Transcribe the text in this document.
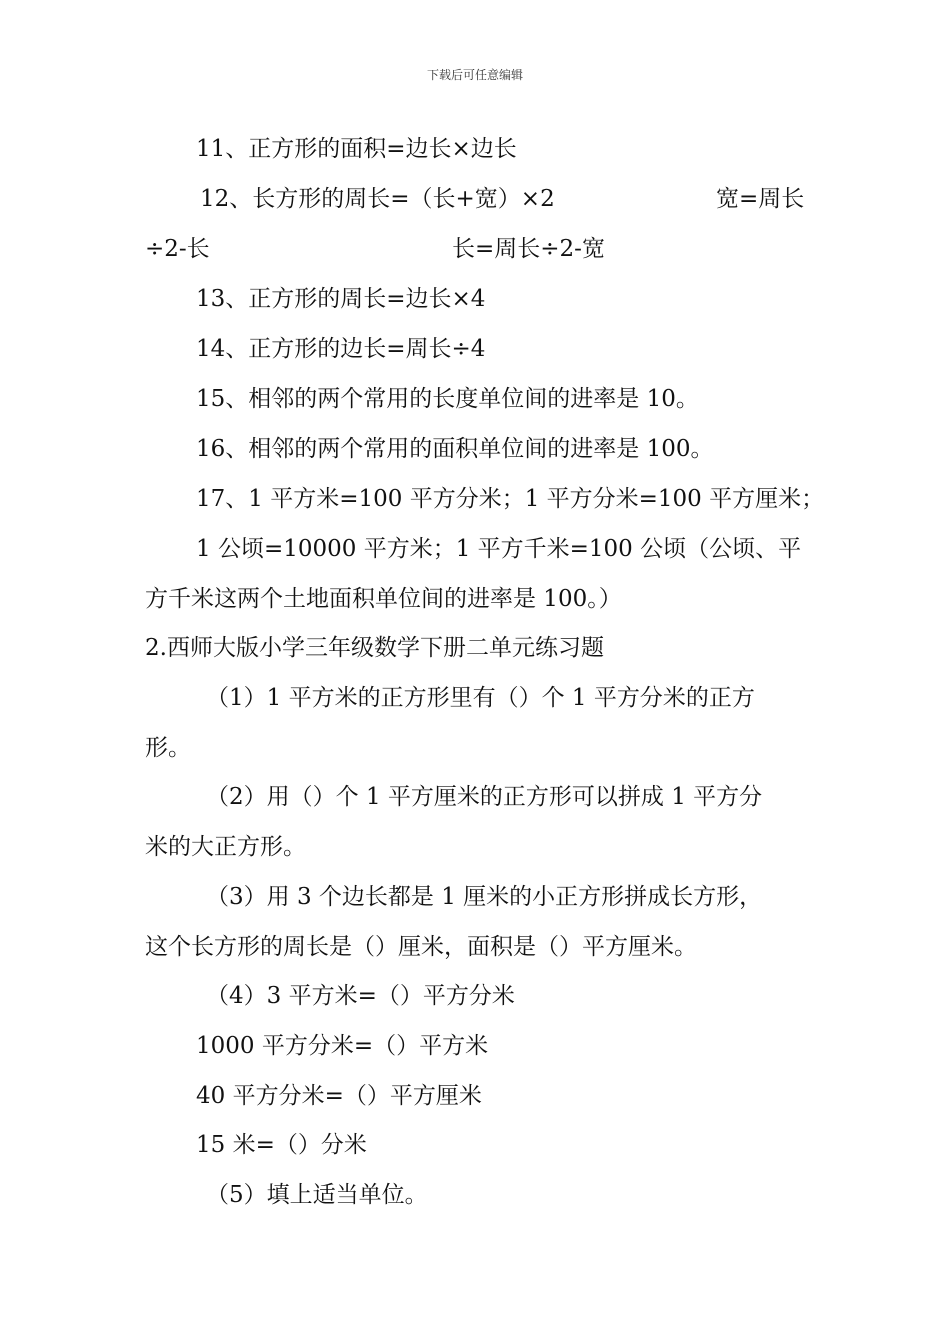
下载后可任意编辑
11、正方形的面积=边长×边长
12、长方形的周长=（长+宽）×2	宽=周长
÷2-长	长=周长÷2-宽
13、正方形的周长=边长×4
14、正方形的边长=周长÷4
15、相邻的两个常用的长度单位间的进率是 10。
16、相邻的两个常用的面积单位间的进率是 100。
17、1 平方米=100 平方分米；1 平方分米=100 平方厘米；
1 公顷=10000 平方米；1 平方千米=100 公顷（公顷、平
方千米这两个土地面积单位间的进率是 100。）
2.西师大版小学三年级数学下册二单元练习题
（1）1 平方米的正方形里有（）个 1 平方分米的正方
形。
（2）用（）个 1 平方厘米的正方形可以拼成 1 平方分
米的大正方形。
（3）用 3 个边长都是 1 厘米的小正方形拼成长方形，
这个长方形的周长是（）厘米，面积是（）平方厘米。
（4）3 平方米=（）平方分米
1000 平方分米=（）平方米
40 平方分米=（）平方厘米
15 米=（）分米
（5）填上适当单位。
